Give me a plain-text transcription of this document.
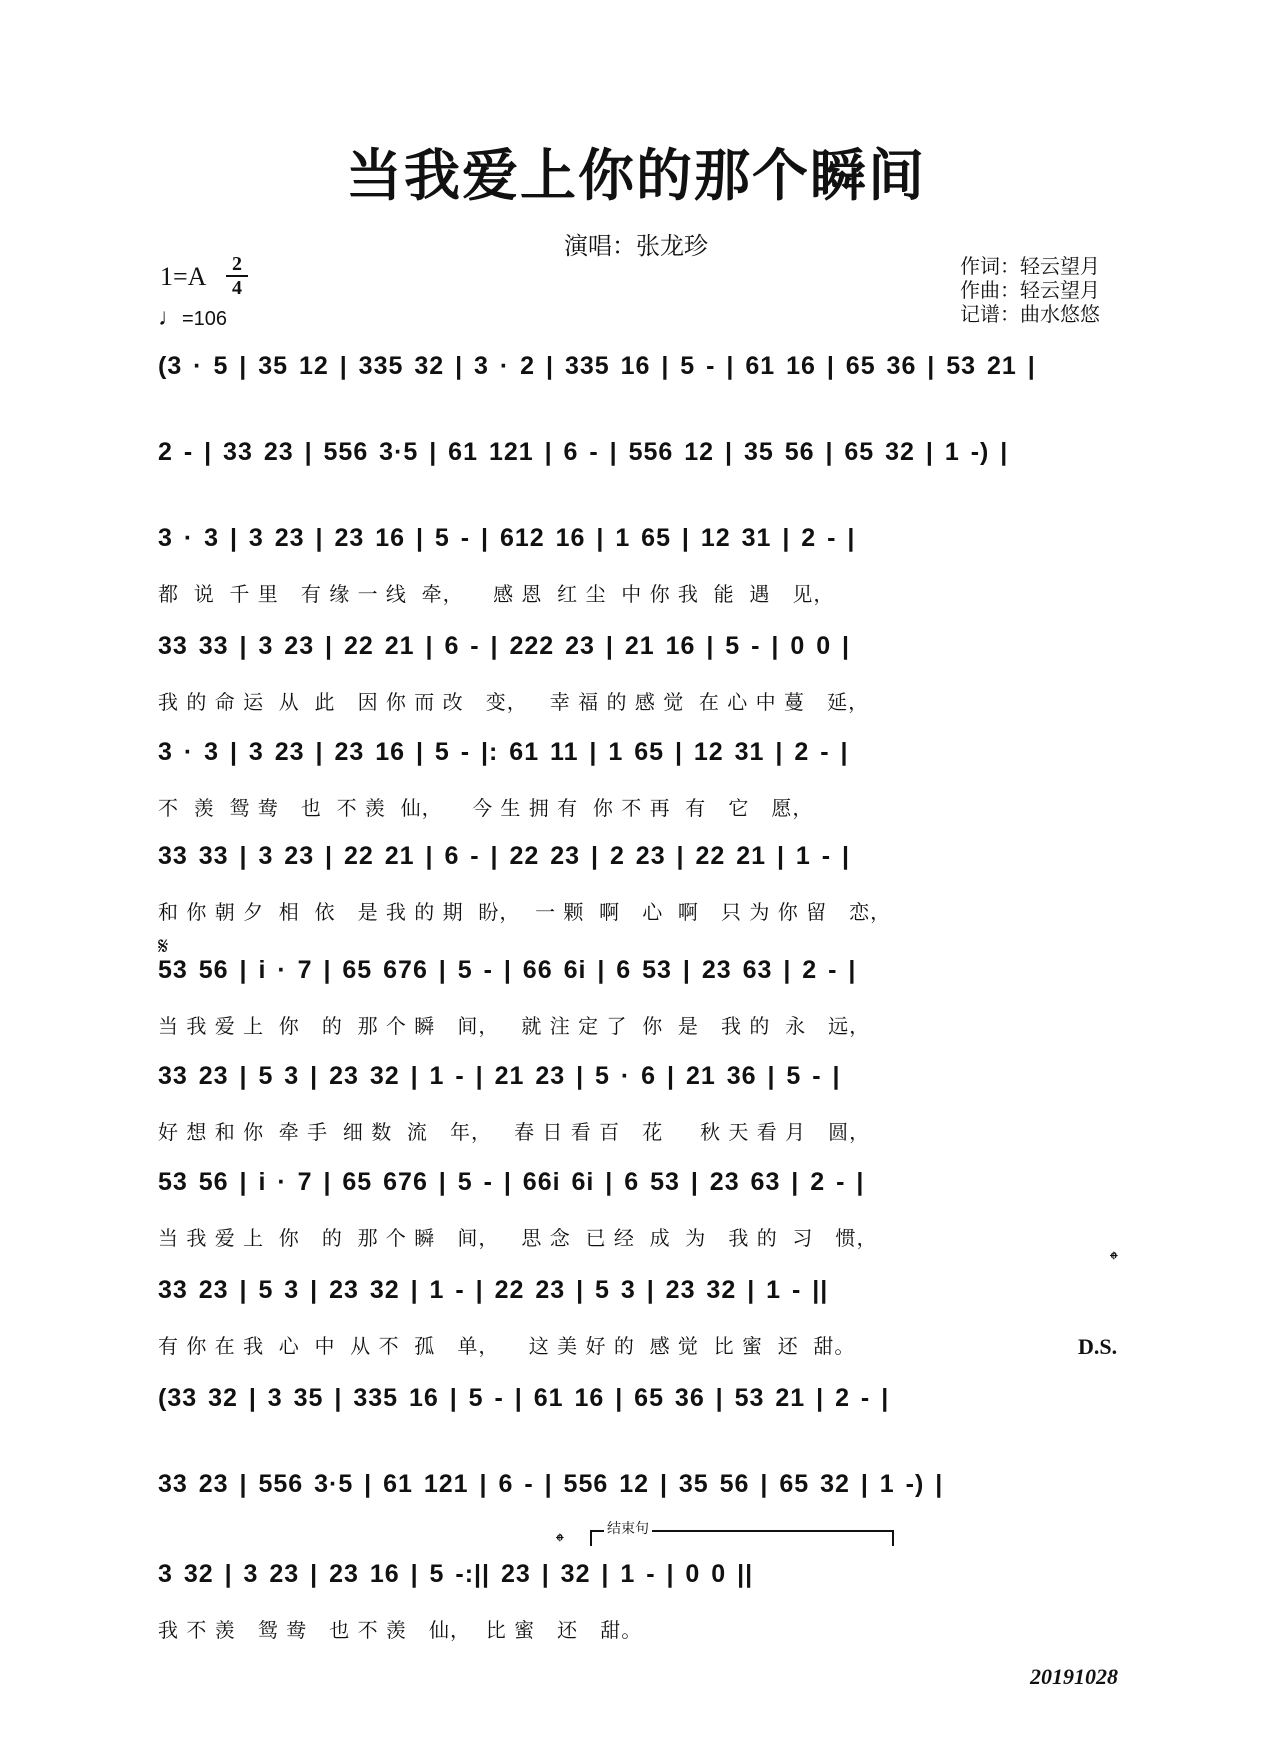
当我爱上你的那个瞬间
演唱：张龙珍
1=A	2
4
♩=106
作词：轻云望月
作曲：轻云望月
记谱：曲水悠悠
(3 · 5 | 35 12 | 335 32 | 3 · 2 | 335 16 | 5 - | 61 16 | 65 36 | 53 21 |
2 - | 33 23 | 556 3·5 | 61 121 | 6 - | 556 12 | 35 56 | 65 32 | 1 -) |
3 · 3 | 3 23 | 23 16 | 5 - | 612 16 | 1 65 | 12 31 | 2 - |
都  说  千 里   有 缘 一 线  牵，    感 恩  红 尘  中 你 我  能  遇   见，
33 33 | 3 23 | 22 21 | 6 - | 222 23 | 21 16 | 5 - | 0 0 |
我 的 命 运  从  此   因 你 而 改   变，   幸 福 的 感 觉  在 心 中 蔓   延，
3 · 3 | 3 23 | 23 16 | 5 - |: 61 11 | 1 65 | 12 31 | 2 - |
不  羡  鸳 鸯   也  不 羡  仙，    今 生 拥 有  你 不 再  有   它   愿，
33 33 | 3 23 | 22 21 | 6 - | 22 23 | 2 23 | 22 21 | 1 - |
和 你 朝 夕  相  依   是 我 的 期  盼，  一 颗  啊   心  啊   只 为 你 留   恋，
𝄋
53 56 | i · 7 | 65 676 | 5 - | 66 6i | 6 53 | 23 63 | 2 - |
当 我 爱 上  你   的  那 个 瞬   间，   就 注 定 了  你  是   我 的  永   远，
33 23 | 5 3 | 23 32 | 1 - | 21 23 | 5 · 6 | 21 36 | 5 - |
好 想 和 你  牵 手  细 数  流   年，   春 日 看 百   花     秋 天 看 月   圆，
53 56 | i · 7 | 65 676 | 5 - | 66i 6i | 6 53 | 23 63 | 2 - |
当 我 爱 上  你   的  那 个 瞬   间，   思 念  已 经  成  为   我 的  习   惯，
𝄌
33 23 | 5 3 | 23 32 | 1 - | 22 23 | 5 3 | 23 32 | 1 - ||
有 你 在 我  心  中  从 不  孤   单，    这 美 好 的  感 觉  比 蜜  还  甜。	D.S.
(33 32 | 3 35 | 335 16 | 5 - | 61 16 | 65 36 | 53 21 | 2 - |
33 23 | 556 3·5 | 61 121 | 6 - | 556 12 | 35 56 | 65 32 | 1 -) |
结束句
𝄌
3 32 | 3 23 | 23 16 | 5 -:|| 23 | 32 | 1 - | 0 0 ||
我 不 羡   鸳 鸯   也 不 羡   仙，  比 蜜   还   甜。
20191028
